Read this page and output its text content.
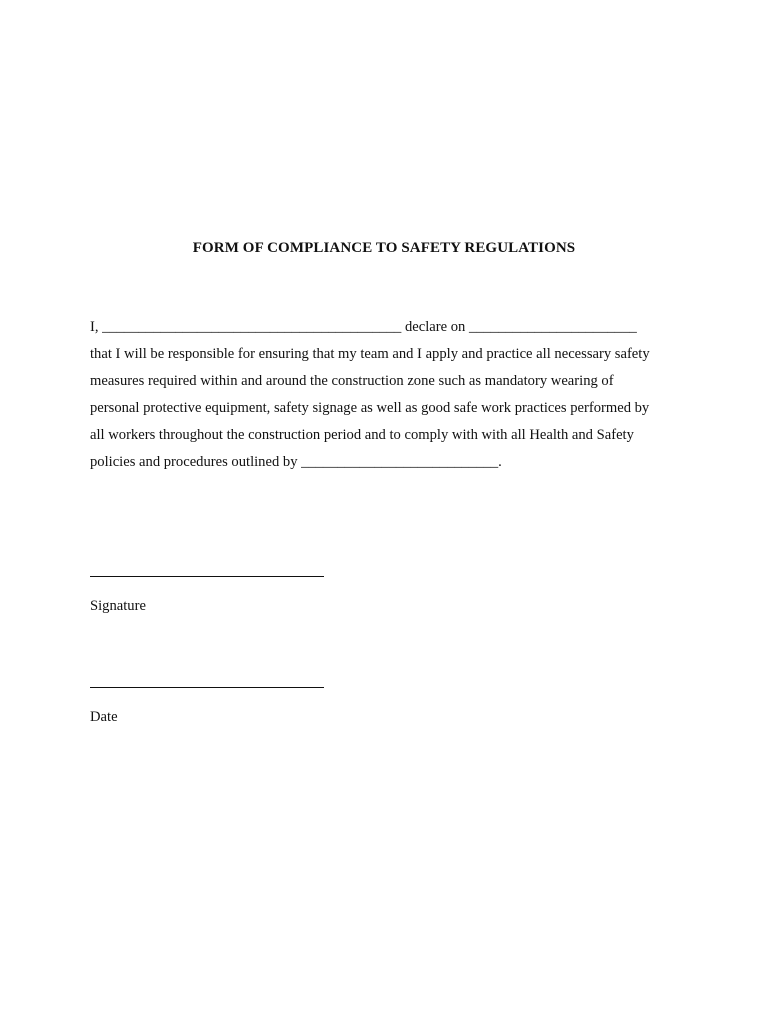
FORM OF COMPLIANCE TO SAFETY REGULATIONS
I, _________________________________________ declare on _______________________
that I will be responsible for ensuring that my team and I apply and practice all necessary safety
measures required within and around the construction zone such as mandatory wearing of
personal protective equipment, safety signage as well as good safe work practices performed by
all workers throughout the construction period and to comply with with all Health and Safety
policies and procedures outlined by ___________________________.
Signature
Date
